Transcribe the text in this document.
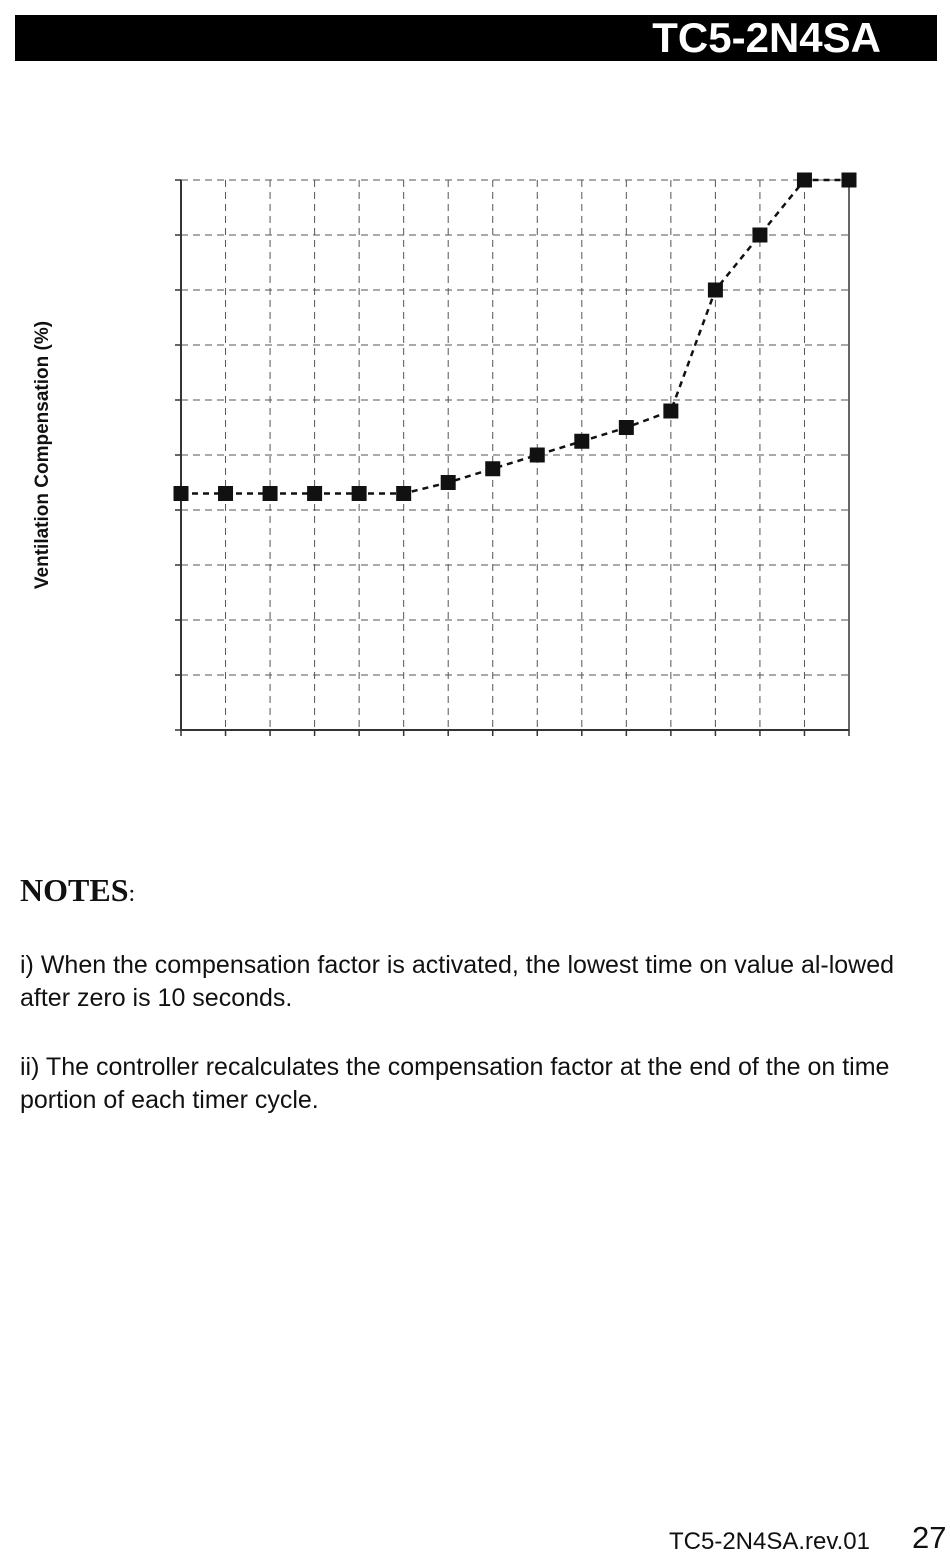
TC5-2N4SA
Ventilation Compensation (%)
NOTES:
i) When the compensation factor is activated, the lowest time on value al-lowed after zero is 10 seconds.
ii) The controller recalculates the compensation factor at the end of the on time portion of each timer cycle.
TC5-2N4SA.rev.01 27
